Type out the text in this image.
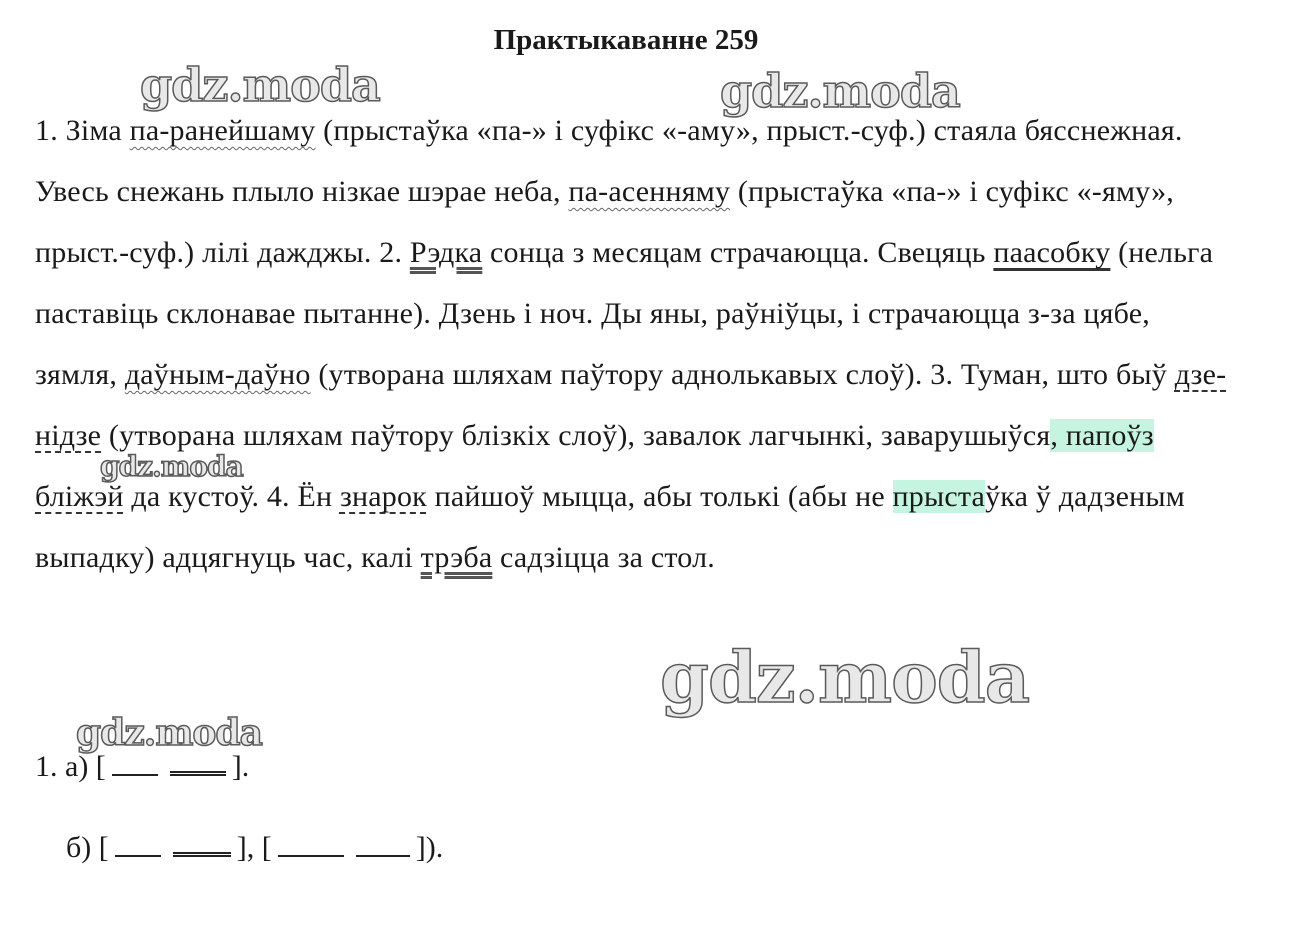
Практыкаванне 259
1. Зіма па-ранейшаму (прыстаўка «па-» і суфікс «-аму», прыст.-суф.) стаяла бясснежная. Увесь снежань плыло нізкае шэрае неба, па-асенняму (прыстаўка «па-» і суфікс «-яму», прыст.-суф.) лілі дажджы. 2. Рэдка сонца з месяцам страчаюцца. Свецяць паасобку (нельга паставіць склонавае пытанне). Дзень і ноч. Ды яны, раўніўцы, і страчаюцца з-за цябе, зямля, даўным-даўно (утворана шляхам паўтору аднолькавых слоў). 3. Туман, што быў дзе-нідзе (утворана шляхам паўтору блізкіх слоў), завалок лагчынкі, заварушыўся, папоўз бліжэй да кустоў. 4. Ён знарок пайшоў мыцца, абы толькі (абы не прыстаўка ў дадзеным выпадку) адцягнуць час, калі трэба садзіцца за стол.
1. а) [	].
б) [	], [	]).
gdz.moda	gdz.moda
gdz.moda
gdz.moda
gdz.moda
